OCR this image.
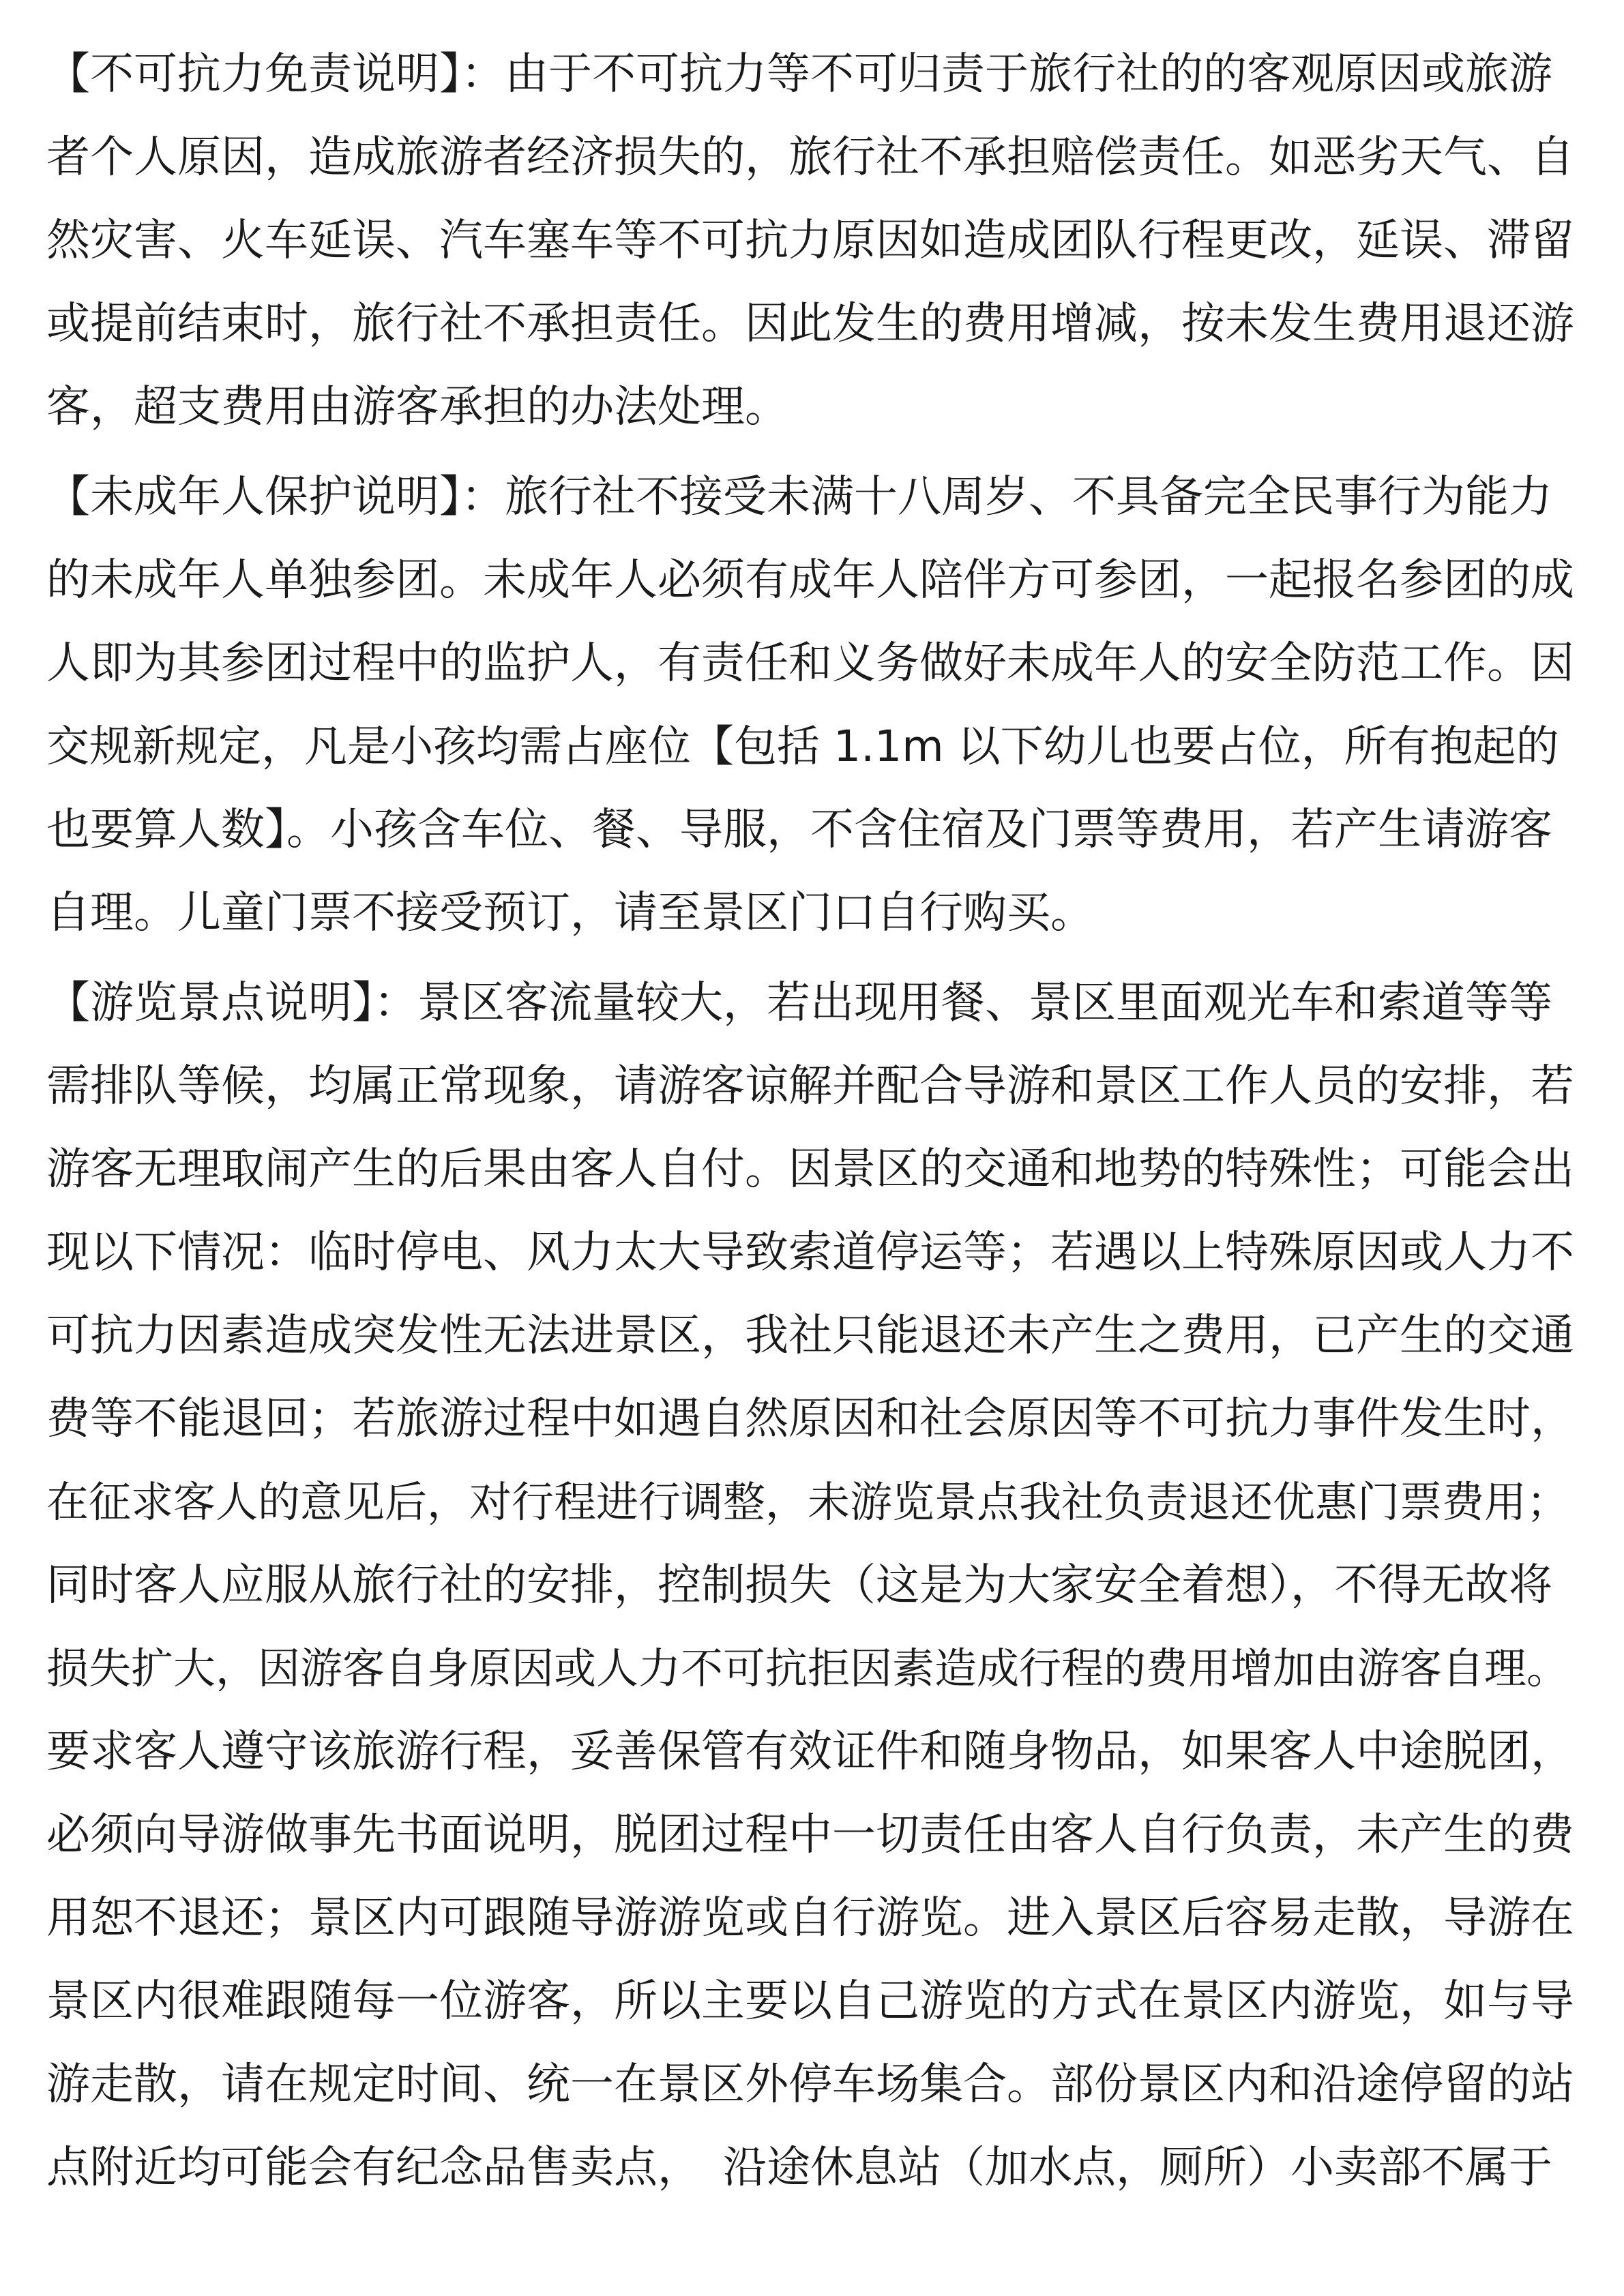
【不可抗力免责说明】：由于不可抗力等不可归责于旅行社的的客观原因或旅游
者个人原因，造成旅游者经济损失的，旅行社不承担赔偿责任。如恶劣天气、自
然灾害、火车延误、汽车塞车等不可抗力原因如造成团队行程更改，延误、滞留
或提前结束时，旅行社不承担责任。因此发生的费用增减，按未发生费用退还游
客，超支费用由游客承担的办法处理。
【未成年人保护说明】：旅行社不接受未满十八周岁、不具备完全民事行为能力
的未成年人单独参团。未成年人必须有成年人陪伴方可参团，一起报名参团的成
人即为其参团过程中的监护人，有责任和义务做好未成年人的安全防范工作。因
交规新规定，凡是小孩均需占座位【包括 1.1m 以下幼儿也要占位，所有抱起的
也要算人数】。小孩含车位、餐、导服，不含住宿及门票等费用，若产生请游客
自理。儿童门票不接受预订，请至景区门口自行购买。
【游览景点说明】：景区客流量较大，若出现用餐、景区里面观光车和索道等等
需排队等候，均属正常现象，请游客谅解并配合导游和景区工作人员的安排，若
游客无理取闹产生的后果由客人自付。因景区的交通和地势的特殊性；可能会出
现以下情况：临时停电、风力太大导致索道停运等；若遇以上特殊原因或人力不
可抗力因素造成突发性无法进景区，我社只能退还未产生之费用，已产生的交通
费等不能退回；若旅游过程中如遇自然原因和社会原因等不可抗力事件发生时，
在征求客人的意见后，对行程进行调整，未游览景点我社负责退还优惠门票费用；
同时客人应服从旅行社的安排，控制损失（这是为大家安全着想），不得无故将
损失扩大，因游客自身原因或人力不可抗拒因素造成行程的费用增加由游客自理。
要求客人遵守该旅游行程，妥善保管有效证件和随身物品，如果客人中途脱团，
必须向导游做事先书面说明，脱团过程中一切责任由客人自行负责，未产生的费
用恕不退还；景区内可跟随导游游览或自行游览。进入景区后容易走散，导游在
景区内很难跟随每一位游客，所以主要以自己游览的方式在景区内游览，如与导
游走散，请在规定时间、统一在景区外停车场集合。部份景区内和沿途停留的站
点附近均可能会有纪念品售卖点，　沿途休息站（加水点，厕所）小卖部不属于
